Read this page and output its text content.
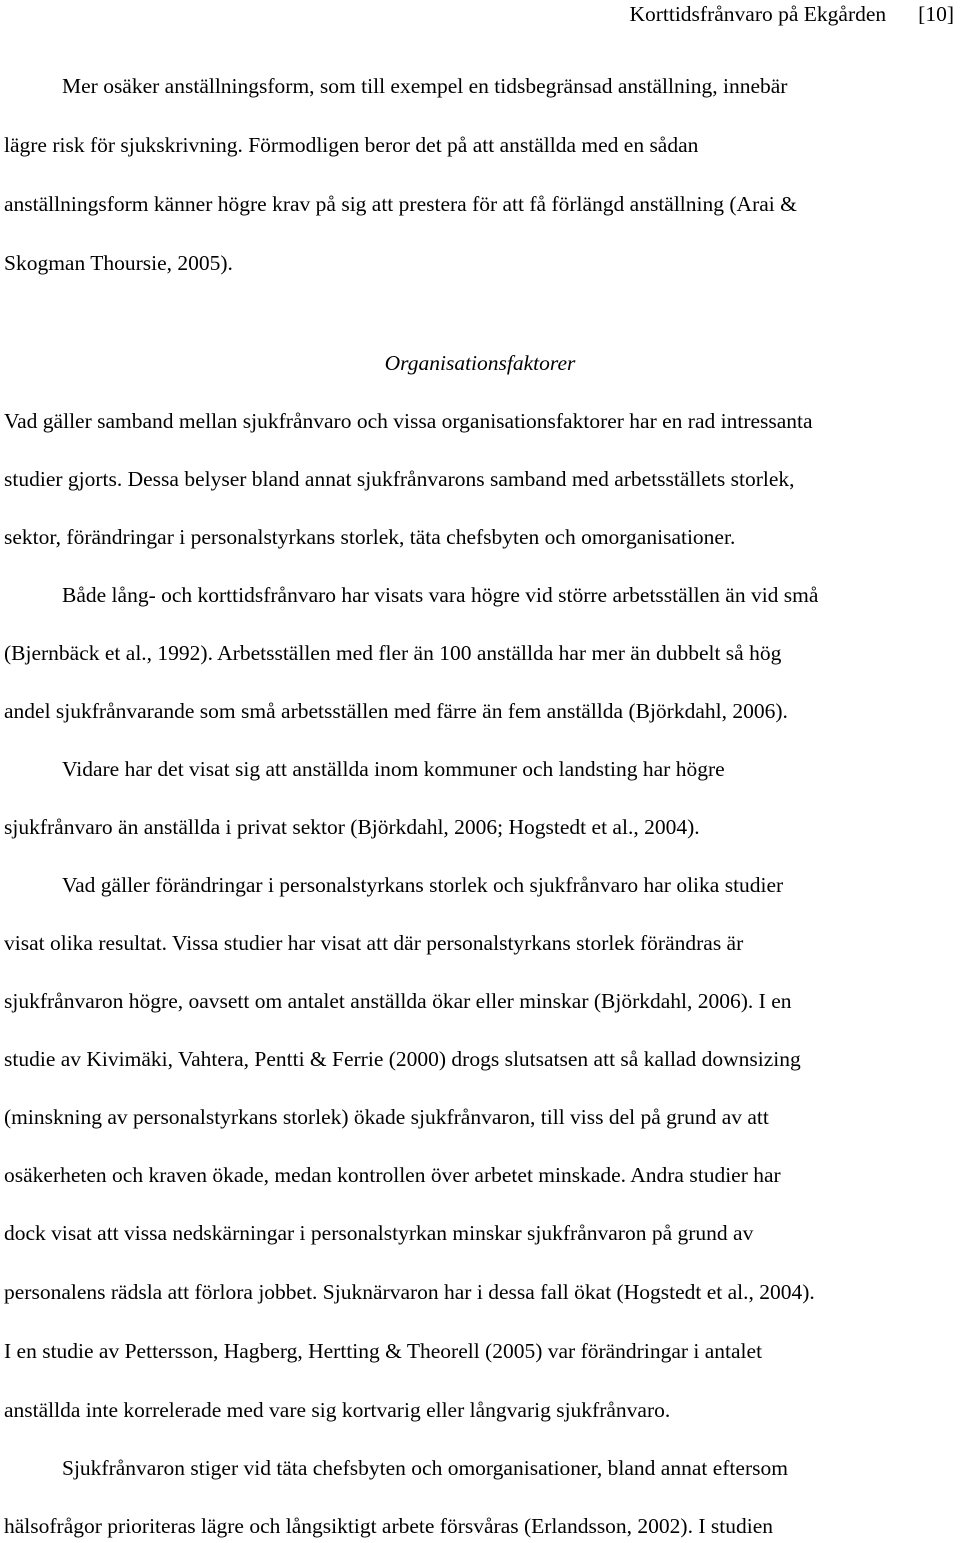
Korttidsfrånvaro på Ekgården [10]
Mer osäker anställningsform, som till exempel en tidsbegränsad anställning, innebär
lägre risk för sjukskrivning. Förmodligen beror det på att anställda med en sådan
anställningsform känner högre krav på sig att prestera för att få förlängd anställning (Arai &
Skogman Thoursie, 2005).
Organisationsfaktorer
Vad gäller samband mellan sjukfrånvaro och vissa organisationsfaktorer har en rad intressanta
studier gjorts. Dessa belyser bland annat sjukfrånvarons samband med arbetsställets storlek,
sektor, förändringar i personalstyrkans storlek, täta chefsbyten och omorganisationer.
Både lång- och korttidsfrånvaro har visats vara högre vid större arbetsställen än vid små
(Bjernbäck et al., 1992). Arbetsställen med fler än 100 anställda har mer än dubbelt så hög
andel sjukfrånvarande som små arbetsställen med färre än fem anställda (Björkdahl, 2006).
Vidare har det visat sig att anställda inom kommuner och landsting har högre
sjukfrånvaro än anställda i privat sektor (Björkdahl, 2006; Hogstedt et al., 2004).
Vad gäller förändringar i personalstyrkans storlek och sjukfrånvaro har olika studier
visat olika resultat. Vissa studier har visat att där personalstyrkans storlek förändras är
sjukfrånvaron högre, oavsett om antalet anställda ökar eller minskar (Björkdahl, 2006). I en
studie av Kivimäki, Vahtera, Pentti & Ferrie (2000) drogs slutsatsen att så kallad downsizing
(minskning av personalstyrkans storlek) ökade sjukfrånvaron, till viss del på grund av att
osäkerheten och kraven ökade, medan kontrollen över arbetet minskade. Andra studier har
dock visat att vissa nedskärningar i personalstyrkan minskar sjukfrånvaron på grund av
personalens rädsla att förlora jobbet. Sjuknärvaron har i dessa fall ökat (Hogstedt et al., 2004).
I en studie av Pettersson, Hagberg, Hertting & Theorell (2005) var förändringar i antalet
anställda inte korrelerade med vare sig kortvarig eller långvarig sjukfrånvaro.
Sjukfrånvaron stiger vid täta chefsbyten och omorganisationer, bland annat eftersom
hälsofrågor prioriteras lägre och långsiktigt arbete försvåras (Erlandsson, 2002). I studien
